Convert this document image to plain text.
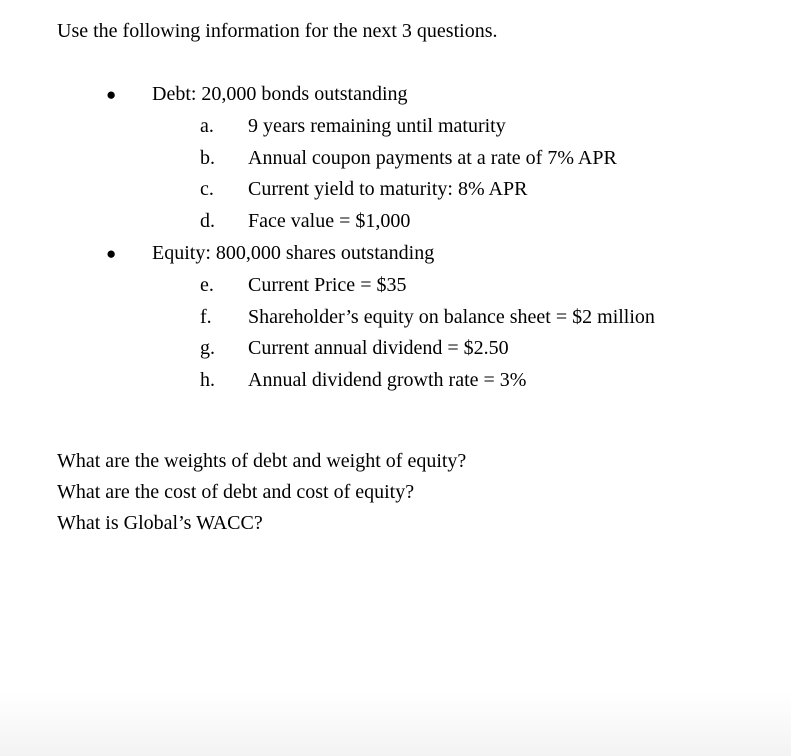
Use the following information for the next 3 questions.

●	Debt: 20,000 bonds outstanding
a.	9 years remaining until maturity
b.	Annual coupon payments at a rate of 7% APR
c.	Current yield to maturity: 8% APR
d.	Face value = $1,000
●	Equity: 800,000 shares outstanding
e.	Current Price = $35
f.	Shareholder’s equity on balance sheet = $2 million
g.	Current annual dividend = $2.50
h.	Annual dividend growth rate = 3%

What are the weights of debt and weight of equity?

What are the cost of debt and cost of equity?

What is Global’s WACC?
